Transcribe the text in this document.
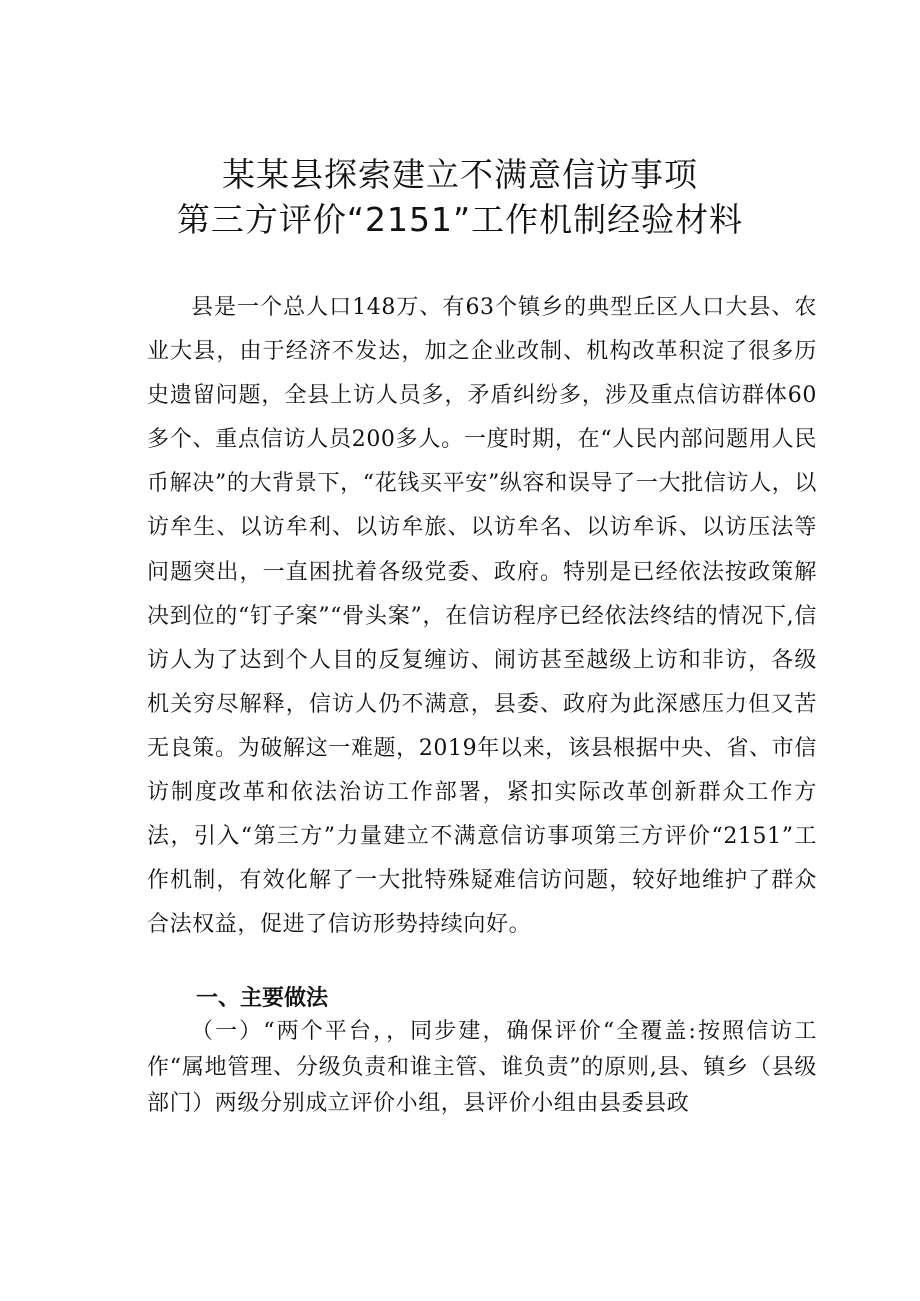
某某县探索建立不满意信访事项
第三方评价“2151”工作机制经验材料
县是一个总人口148万、有63个镇乡的典型丘区人口大县、农业大县，由于经济不发达，加之企业改制、机构改革积淀了很多历史遗留问题，全县上访人员多，矛盾纠纷多，涉及重点信访群体60多个、重点信访人员200多人。一度时期，在“人民内部问题用人民币解决”的大背景下，“花钱买平安”纵容和误导了一大批信访人，以访牟生、以访牟利、以访牟旅、以访牟名、以访牟诉、以访压法等问题突出，一直困扰着各级党委、政府。特别是已经依法按政策解决到位的“钉子案”“骨头案”，在信访程序已经依法终结的情况下,信访人为了达到个人目的反复缠访、闹访甚至越级上访和非访，各级机关穷尽解释，信访人仍不满意，县委、政府为此深感压力但又苦无良策。为破解这一难题，2019年以来，该县根据中央、省、市信访制度改革和依法治访工作部署，紧扣实际改革创新群众工作方法，引入“第三方”力量建立不满意信访事项第三方评价“2151”工作机制，有效化解了一大批特殊疑难信访问题，较好地维护了群众合法权益，促进了信访形势持续向好。
一、主要做法
（一）“两个平台，，同步建，确保评价“全覆盖:按照信访工作“属地管理、分级负责和谁主管、谁负责”的原则,县、镇乡（县级部门）两级分别成立评价小组，县评价小组由县委县政
